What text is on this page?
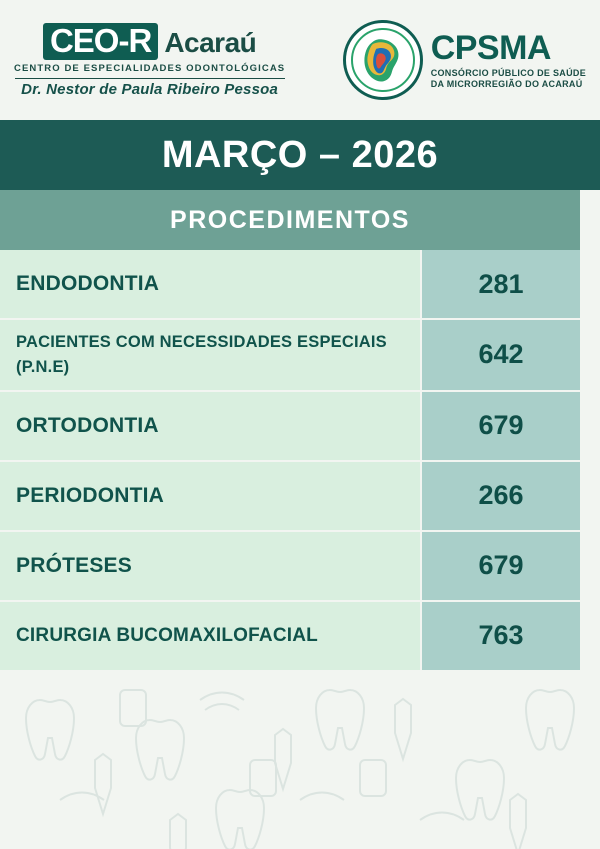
CEO-R Acaraú
CENTRO DE ESPECIALIDADES ODONTOLÓGICAS
Dr. Nestor de Paula Ribeiro Pessoa
CPSMA
CONSÓRCIO PÚBLICO DE SAÚDE
DA MICRORREGIÃO DO ACARAÚ
MARÇO – 2026
PROCEDIMENTOS
ENDODONTIA	281
PACIENTES COM NECESSIDADES ESPECIAIS (P.N.E)	642
ORTODONTIA	679
PERIODONTIA	266
PRÓTESES	679
CIRURGIA BUCOMAXILOFACIAL	763
